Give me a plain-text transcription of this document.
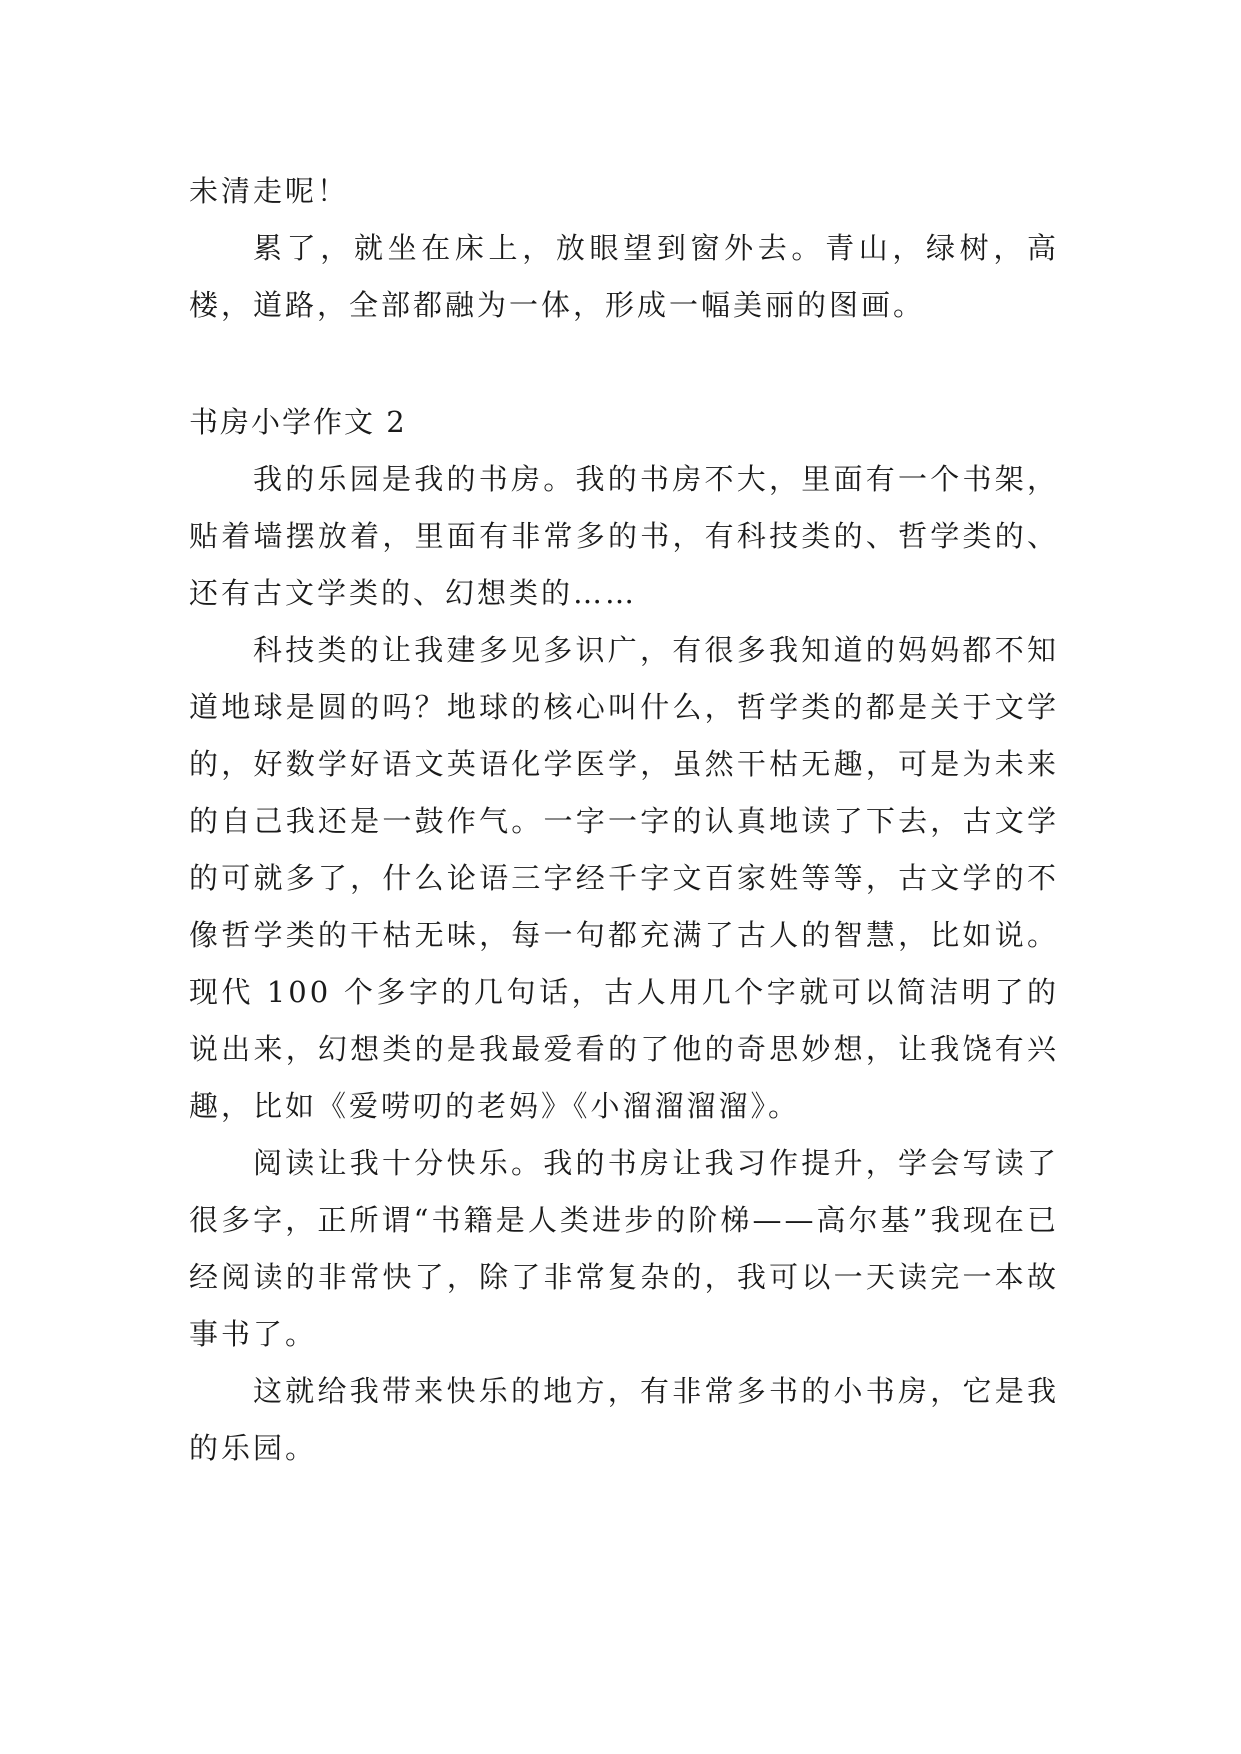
未清走呢！

累了，就坐在床上，放眼望到窗外去。青山，绿树，高楼，道路，全部都融为一体，形成一幅美丽的图画。

书房小学作文 2

我的乐园是我的书房。我的书房不大，里面有一个书架，贴着墙摆放着，里面有非常多的书，有科技类的、哲学类的、还有古文学类的、幻想类的……

科技类的让我建多见多识广，有很多我知道的妈妈都不知道地球是圆的吗？地球的核心叫什么，哲学类的都是关于文学的，好数学好语文英语化学医学，虽然干枯无趣，可是为未来的自己我还是一鼓作气。一字一字的认真地读了下去，古文学的可就多了，什么论语三字经千字文百家姓等等，古文学的不像哲学类的干枯无味，每一句都充满了古人的智慧，比如说。现代 100 个多字的几句话，古人用几个字就可以简洁明了的说出来，幻想类的是我最爱看的了他的奇思妙想，让我饶有兴趣，比如《爱唠叨的老妈》《小溜溜溜溜》。

阅读让我十分快乐。我的书房让我习作提升，学会写读了很多字，正所谓“书籍是人类进步的阶梯——高尔基”我现在已经阅读的非常快了，除了非常复杂的，我可以一天读完一本故事书了。

这就给我带来快乐的地方，有非常多书的小书房，它是我的乐园。
